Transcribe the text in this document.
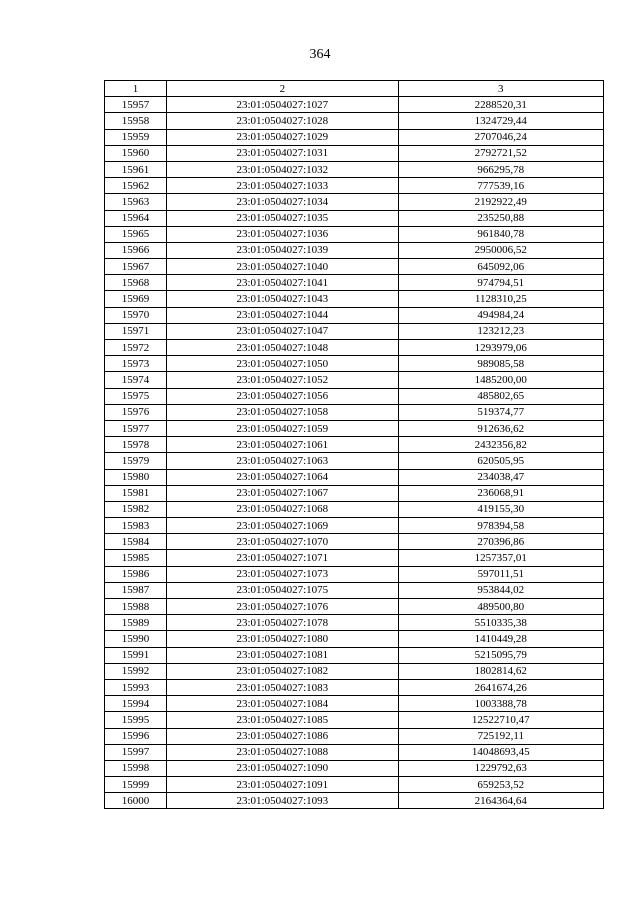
364
1	2	3
15957	23:01:0504027:1027	2288520,31
15958	23:01:0504027:1028	1324729,44
15959	23:01:0504027:1029	2707046,24
15960	23:01:0504027:1031	2792721,52
15961	23:01:0504027:1032	966295,78
15962	23:01:0504027:1033	777539,16
15963	23:01:0504027:1034	2192922,49
15964	23:01:0504027:1035	235250,88
15965	23:01:0504027:1036	961840,78
15966	23:01:0504027:1039	2950006,52
15967	23:01:0504027:1040	645092,06
15968	23:01:0504027:1041	974794,51
15969	23:01:0504027:1043	1128310,25
15970	23:01:0504027:1044	494984,24
15971	23:01:0504027:1047	123212,23
15972	23:01:0504027:1048	1293979,06
15973	23:01:0504027:1050	989085,58
15974	23:01:0504027:1052	1485200,00
15975	23:01:0504027:1056	485802,65
15976	23:01:0504027:1058	519374,77
15977	23:01:0504027:1059	912636,62
15978	23:01:0504027:1061	2432356,82
15979	23:01:0504027:1063	620505,95
15980	23:01:0504027:1064	234038,47
15981	23:01:0504027:1067	236068,91
15982	23:01:0504027:1068	419155,30
15983	23:01:0504027:1069	978394,58
15984	23:01:0504027:1070	270396,86
15985	23:01:0504027:1071	1257357,01
15986	23:01:0504027:1073	597011,51
15987	23:01:0504027:1075	953844,02
15988	23:01:0504027:1076	489500,80
15989	23:01:0504027:1078	5510335,38
15990	23:01:0504027:1080	1410449,28
15991	23:01:0504027:1081	5215095,79
15992	23:01:0504027:1082	1802814,62
15993	23:01:0504027:1083	2641674,26
15994	23:01:0504027:1084	1003388,78
15995	23:01:0504027:1085	12522710,47
15996	23:01:0504027:1086	725192,11
15997	23:01:0504027:1088	14048693,45
15998	23:01:0504027:1090	1229792,63
15999	23:01:0504027:1091	659253,52
16000	23:01:0504027:1093	2164364,64
